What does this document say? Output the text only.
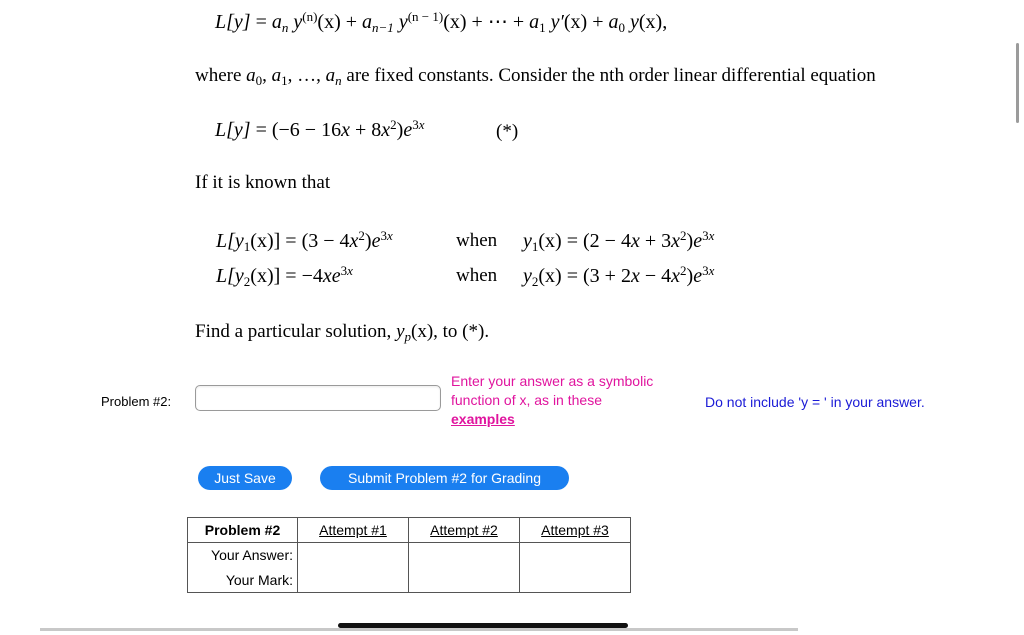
$L[y] = a_n$ $y^{(n)}(x) + a_{n-1}$ $y^{(n - 1)}(x)$ + ⋯ + $a_1$ $y'(x) + a_0$ y(x),
where $a_0$, $a_1$, …, $a_n$ are fixed constants. Consider the nth order linear differential equation
$L[y] = (-6 - 16x + 8x^2)e^{3x}$	(*)
If it is known that
$L[y_1(x)] = (3 - 4x^2)e^{3x}$	when $y_1(x) = (2 - 4x + 3x^2)e^{3x}$
$L[y_2(x)] = -4xe^{3x}$	when $y_2(x) = (3 + 2x - 4x^2)e^{3x}$
Find a particular solution, $y_p(x)$, to (*).
Problem #2:
Enter your answer as a symbolic
function of x, as in these
examples
Do not include 'y = ' in your answer.
Just Save	Submit Problem #2 for Grading
Problem #2	Attempt #1	Attempt #2	Attempt #3
Your Answer:			
Your Mark:			
